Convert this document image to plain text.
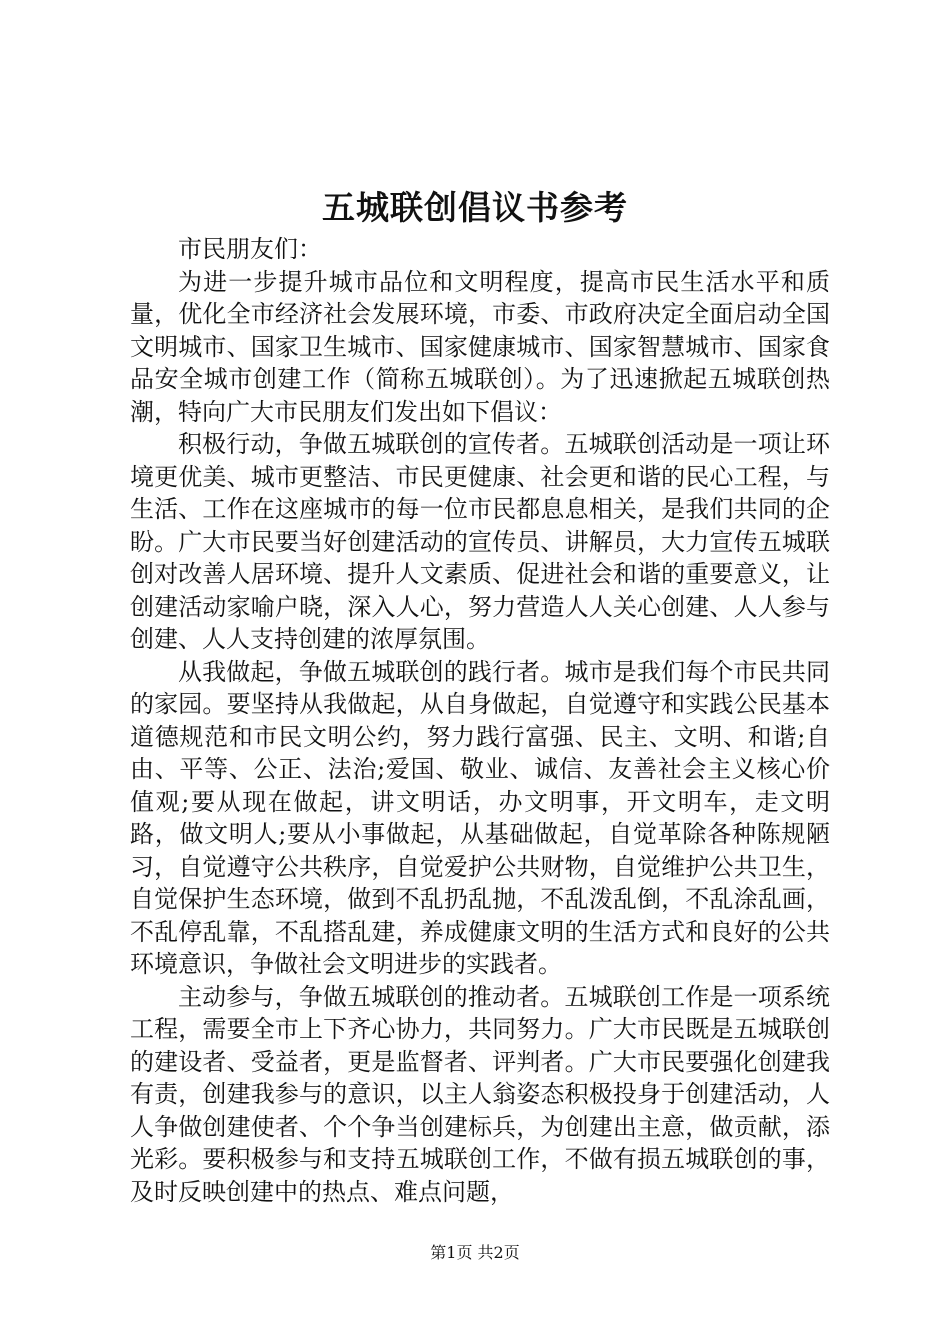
五城联创倡议书参考

市民朋友们：

为进一步提升城市品位和文明程度，提高市民生活水平和质量，优化全市经济社会发展环境，市委、市政府决定全面启动全国文明城市、国家卫生城市、国家健康城市、国家智慧城市、国家食品安全城市创建工作（简称五城联创）。为了迅速掀起五城联创热潮，特向广大市民朋友们发出如下倡议：

积极行动，争做五城联创的宣传者。五城联创活动是一项让环境更优美、城市更整洁、市民更健康、社会更和谐的民心工程，与生活、工作在这座城市的每一位市民都息息相关，是我们共同的企盼。广大市民要当好创建活动的宣传员、讲解员，大力宣传五城联创对改善人居环境、提升人文素质、促进社会和谐的重要意义，让创建活动家喻户晓，深入人心，努力营造人人关心创建、人人参与创建、人人支持创建的浓厚氛围。

从我做起，争做五城联创的践行者。城市是我们每个市民共同的家园。要坚持从我做起，从自身做起，自觉遵守和实践公民基本道德规范和市民文明公约，努力践行富强、民主、文明、和谐;自由、平等、公正、法治;爱国、敬业、诚信、友善社会主义核心价值观;要从现在做起，讲文明话，办文明事，开文明车，走文明路，做文明人;要从小事做起，从基础做起，自觉革除各种陈规陋习，自觉遵守公共秩序，自觉爱护公共财物，自觉维护公共卫生，自觉保护生态环境，做到不乱扔乱抛，不乱泼乱倒，不乱涂乱画，不乱停乱靠，不乱搭乱建，养成健康文明的生活方式和良好的公共环境意识，争做社会文明进步的实践者。

主动参与，争做五城联创的推动者。五城联创工作是一项系统工程，需要全市上下齐心协力，共同努力。广大市民既是五城联创的建设者、受益者，更是监督者、评判者。广大市民要强化创建我有责，创建我参与的意识，以主人翁姿态积极投身于创建活动，人人争做创建使者、个个争当创建标兵，为创建出主意，做贡献，添光彩。要积极参与和支持五城联创工作，不做有损五城联创的事，及时反映创建中的热点、难点问题，

第1页 共2页
